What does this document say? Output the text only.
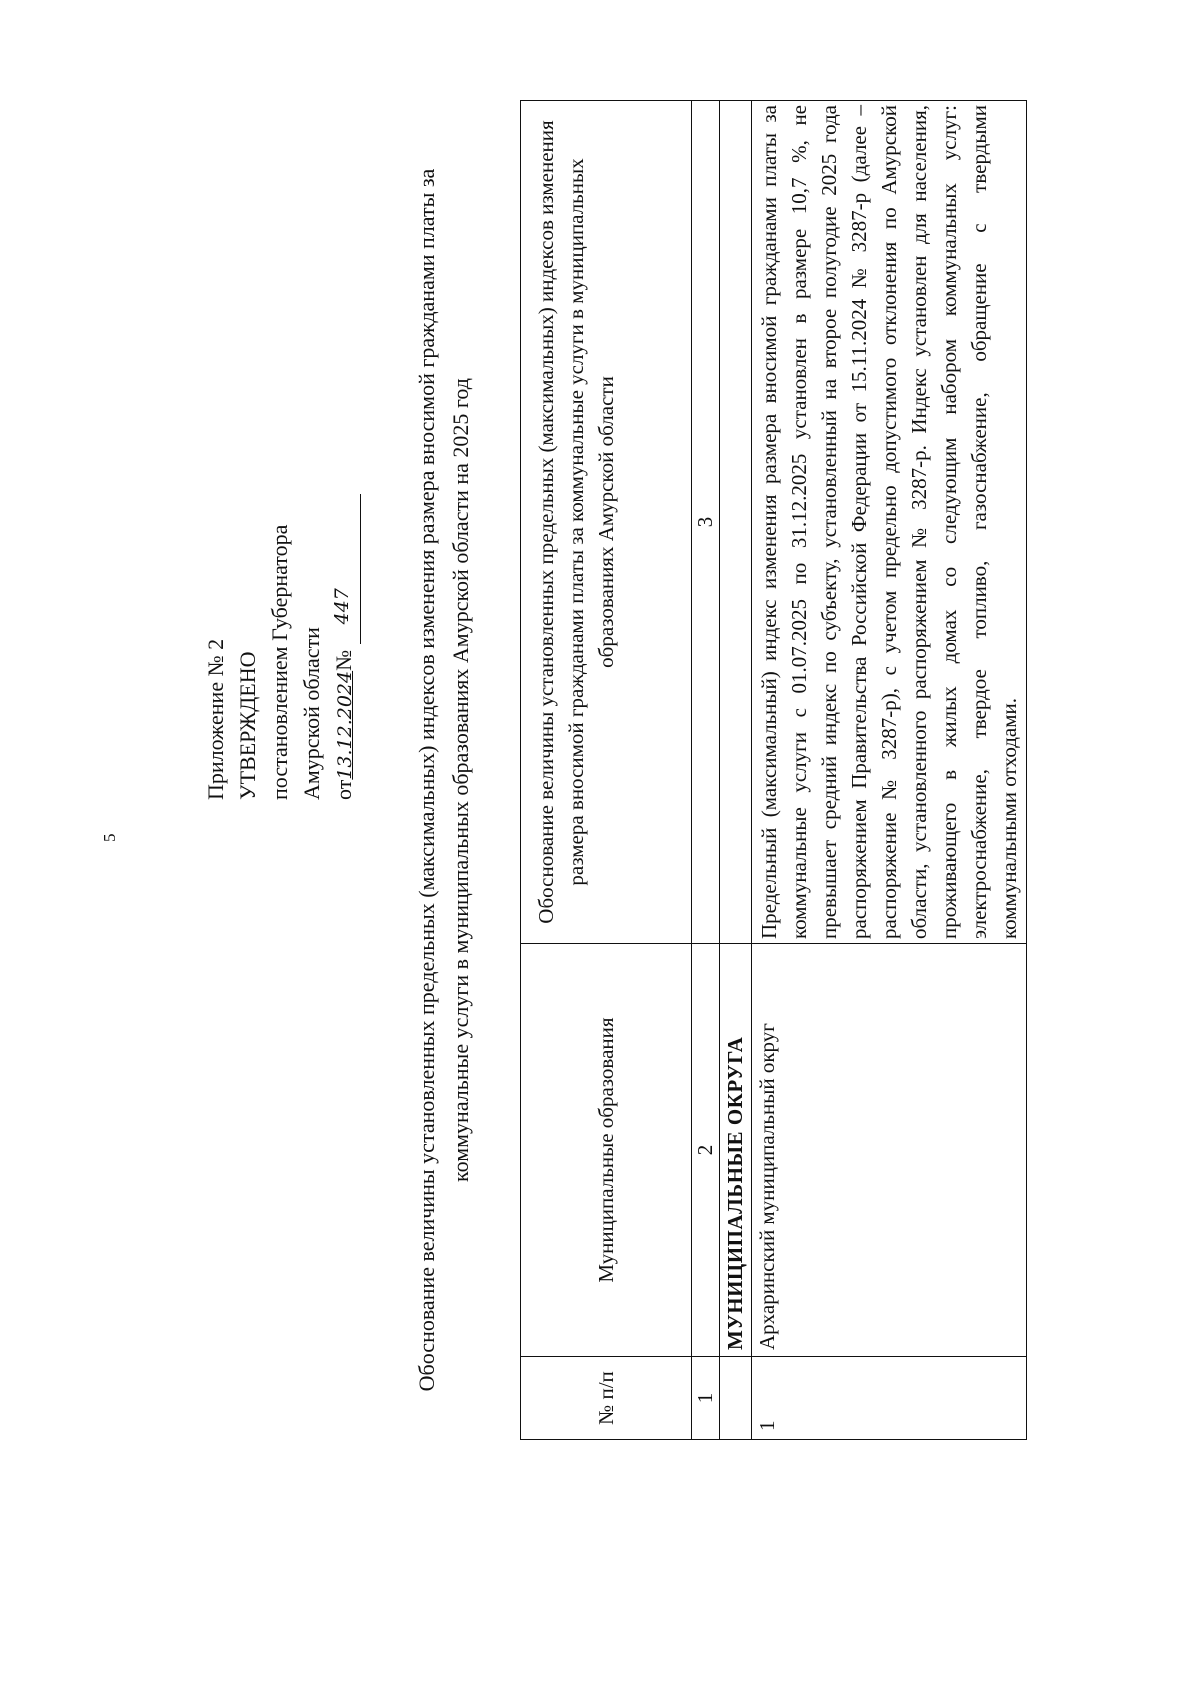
5
Приложение № 2 УТВЕРЖДЕНО постановлением Губернатора Амурской области от13.12.2024№
447	Обоснование величины установленных предельных (максимальных) индексов изменения размера вносимой гражданами платы за коммунальные услуги в муниципальных образованиях Амурской области на 2025 год
№ п/п	Муниципальные образования	Обоснование величины установленных предельных (максимальных) индексов изменения размера вносимой гражданами платы за коммунальные услуги в муниципальных образованиях Амурской области
1	2	3
	МУНИЦИПАЛЬНЫЕ ОКРУГА	
1	Архаринский муниципальный округ	Предельный (максимальный) индекс изменения размера вносимой гражданами платы за коммунальные услуги с 01.07.2025 по 31.12.2025 установлен в размере 10,7 %, не превышает средний индекс по субъекту, установленный на второе полугодие 2025 года распоряжением Правительства Российской Федерации от 15.11.2024 № 3287-р (далее – распоряжение № 3287-р), с учетом предельно допустимого отклонения по Амурской области, установленного распоряжением № 3287-р. Индекс установлен для населения, проживающего в жилых домах со следующим набором коммунальных услуг: электроснабжение, твердое топливо, газоснабжение, обращение с твердыми коммунальными отходами.
